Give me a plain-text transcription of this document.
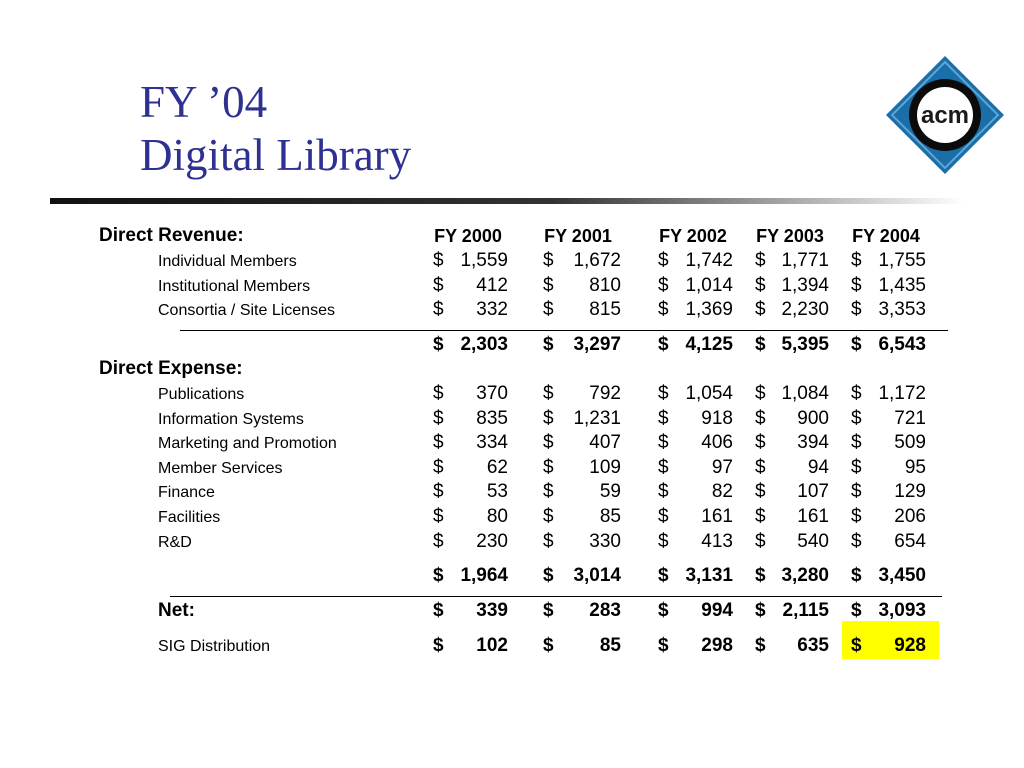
FY ’04
Digital Library
acm
Direct Revenue:	FY 2000	FY 2001	FY 2002	FY 2003	FY 2004
Individual Members	$ 1,559 $	1,672 $ 1,742 $ 1,771 $ 1,755
Institutional Members	$	412 $	810 $ 1,014 $ 1,394 $ 1,435
Consortia / Site Licenses	$	332 $	815 $ 1,369 $ 2,230 $ 3,353
$ 2,303 $	3,297 $ 4,125 $ 5,395 $ 6,543
Direct Expense:
Publications	$	370 $	792 $ 1,054 $ 1,084 $ 1,172
Information Systems	$	835 $	1,231 $	918 $	900 $	721
Marketing and Promotion	$	334 $	407 $	406 $	394 $	509
Member Services	$	62 $	109 $	97 $	94 $	95
Finance	$	53 $	59 $	82 $	107 $	129
Facilities	$	80 $	85 $	161 $	161 $	206
R&D	$	230 $	330 $	413 $	540 $	654
$ 1,964 $	3,014 $ 3,131 $ 3,280 $ 3,450
Net:	$	339 $	283 $	994 $ 2,115 $ 3,093
SIG Distribution	$	102 $	85 $	298 $	635 $	928
